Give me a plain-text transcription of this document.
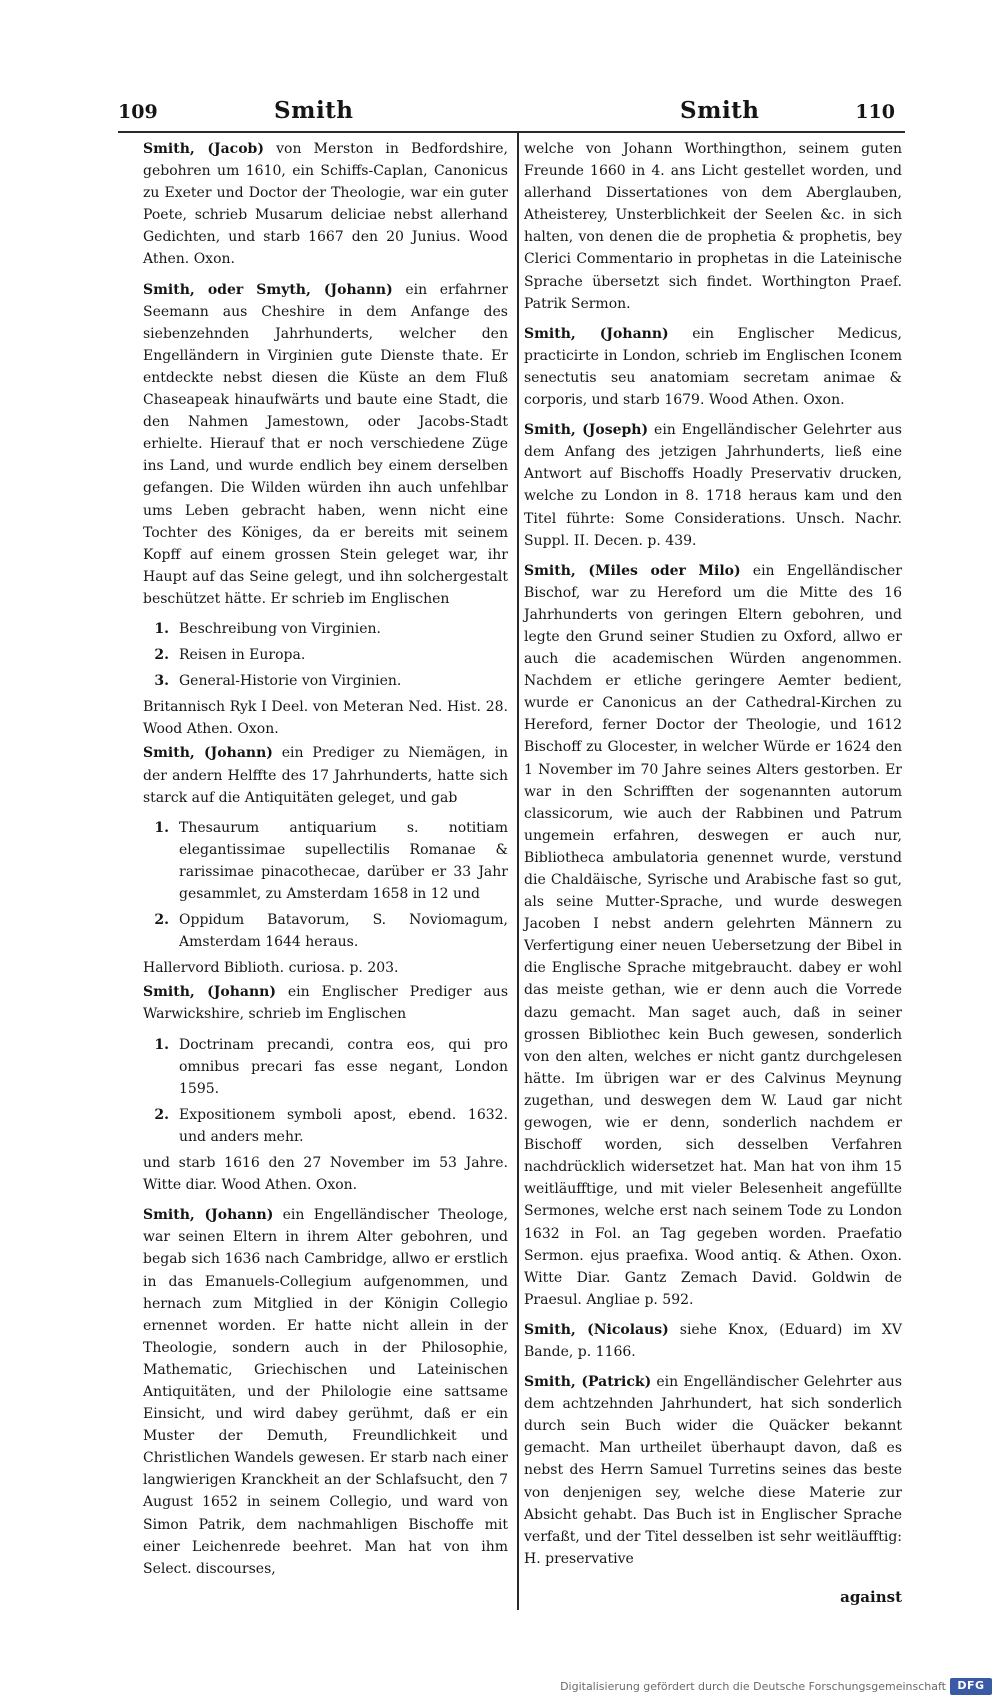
109	Smith	Smith	110

Smith, (Jacob) von Merston in Bedfordshire, gebohren um 1610, ein Schiffs-Caplan, Canonicus zu Exeter und Doctor der Theologie, war ein guter Poete, schrieb Musarum deliciae nebst allerhand Gedichten, und starb 1667 den 20 Junius. Wood Athen. Oxon.

Smith, oder Smyth, (Johann) ein erfahrner Seemann aus Cheshire in dem Anfange des siebenzehnden Jahrhunderts, welcher den Engelländern in Virginien gute Dienste thate. Er entdeckte nebst diesen die Küste an dem Fluß Chaseapeak hinaufwärts und baute eine Stadt, die den Nahmen Jamestown, oder Jacobs-Stadt erhielte. Hierauf that er noch verschiedene Züge ins Land, und wurde endlich bey einem derselben gefangen. Die Wilden würden ihn auch unfehlbar ums Leben gebracht haben, wenn nicht eine Tochter des Königes, da er bereits mit seinem Kopff auf einem grossen Stein geleget war, ihr Haupt auf das Seine gelegt, und ihn solchergestalt beschützet hätte. Er schrieb im Englischen

1. Beschreibung von Virginien.
2. Reisen in Europa.
3. General-Historie von Virginien.

Britannisch Ryk I Deel. von Meteran Ned. Hist. 28. Wood Athen. Oxon.

Smith, (Johann) ein Prediger zu Niemägen, in der andern Helffte des 17 Jahrhunderts, hatte sich starck auf die Antiquitäten geleget, und gab

1. Thesaurum antiquarium s. notitiam elegantissimae supellectilis Romanae & rarissimae pinacothecae, darüber er 33 Jahr gesammlet, zu Amsterdam 1658 in 12 und
2. Oppidum Batavorum, S. Noviomagum, Amsterdam 1644 heraus.

Hallervord Biblioth. curiosa. p. 203.

Smith, (Johann) ein Englischer Prediger aus Warwickshire, schrieb im Englischen

1. Doctrinam precandi, contra eos, qui pro omnibus precari fas esse negant, London 1595.
2. Expositionem symboli apost, ebend. 1632. und anders mehr.

und starb 1616 den 27 November im 53 Jahre. Witte diar. Wood Athen. Oxon.

Smith, (Johann) ein Engelländischer Theologe, war seinen Eltern in ihrem Alter gebohren, und begab sich 1636 nach Cambridge, allwo er erstlich in das Emanuels-Collegium aufgenommen, und hernach zum Mitglied in der Königin Collegio ernennet worden. Er hatte nicht allein in der Theologie, sondern auch in der Philosophie, Mathematic, Griechischen und Lateinischen Antiquitäten, und der Philologie eine sattsame Einsicht, und wird dabey gerühmt, daß er ein Muster der Demuth, Freundlichkeit und Christlichen Wandels gewesen. Er starb nach einer langwierigen Kranckheit an der Schlafsucht, den 7 August 1652 in seinem Collegio, und ward von Simon Patrik, dem nachmahligen Bischoffe mit einer Leichenrede beehret. Man hat von ihm Select. discourses,

welche von Johann Worthingthon, seinem guten Freunde 1660 in 4. ans Licht gestellet worden, und allerhand Dissertationes von dem Aberglauben, Atheisterey, Unsterblichkeit der Seelen &c. in sich halten, von denen die de prophetia & prophetis, bey Clerici Commentario in prophetas in die Lateinische Sprache übersetzt sich findet. Worthington Praef. Patrik Sermon.

Smith, (Johann) ein Englischer Medicus, practicirte in London, schrieb im Englischen Iconem senectutis seu anatomiam secretam animae & corporis, und starb 1679. Wood Athen. Oxon.

Smith, (Joseph) ein Engelländischer Gelehrter aus dem Anfang des jetzigen Jahrhunderts, ließ eine Antwort auf Bischoffs Hoadly Preservativ drucken, welche zu London in 8. 1718 heraus kam und den Titel führte: Some Considerations. Unsch. Nachr. Suppl. II. Decen. p. 439.

Smith, (Miles oder Milo) ein Engelländischer Bischof, war zu Hereford um die Mitte des 16 Jahrhunderts von geringen Eltern gebohren, und legte den Grund seiner Studien zu Oxford, allwo er auch die academischen Würden angenommen. Nachdem er etliche geringere Aemter bedient, wurde er Canonicus an der Cathedral-Kirchen zu Hereford, ferner Doctor der Theologie, und 1612 Bischoff zu Glocester, in welcher Würde er 1624 den 1 November im 70 Jahre seines Alters gestorben. Er war in den Schrifften der sogenannten autorum classicorum, wie auch der Rabbinen und Patrum ungemein erfahren, deswegen er auch nur, Bibliotheca ambulatoria genennet wurde, verstund die Chaldäische, Syrische und Arabische fast so gut, als seine Mutter-Sprache, und wurde deswegen Jacoben I nebst andern gelehrten Männern zu Verfertigung einer neuen Uebersetzung der Bibel in die Englische Sprache mitgebraucht. dabey er wohl das meiste gethan, wie er denn auch die Vorrede dazu gemacht. Man saget auch, daß in seiner grossen Bibliothec kein Buch gewesen, sonderlich von den alten, welches er nicht gantz durchgelesen hätte. Im übrigen war er des Calvinus Meynung zugethan, und deswegen dem W. Laud gar nicht gewogen, wie er denn, sonderlich nachdem er Bischoff worden, sich desselben Verfahren nachdrücklich widersetzet hat. Man hat von ihm 15 weitläufftige, und mit vieler Belesenheit angefüllte Sermones, welche erst nach seinem Tode zu London 1632 in Fol. an Tag gegeben worden. Praefatio Sermon. ejus praefixa. Wood antiq. & Athen. Oxon. Witte Diar. Gantz Zemach David. Goldwin de Praesul. Angliae p. 592.

Smith, (Nicolaus) siehe Knox, (Eduard) im XV Bande, p. 1166.

Smith, (Patrick) ein Engelländischer Gelehrter aus dem achtzehnden Jahrhundert, hat sich sonderlich durch sein Buch wider die Quäcker bekannt gemacht. Man urtheilet überhaupt davon, daß es nebst des Herrn Samuel Turretins seines das beste von denjenigen sey, welche diese Materie zur Absicht gehabt. Das Buch ist in Englischer Sprache verfaßt, und der Titel desselben ist sehr weitläufftig: H. preservative

against
Digitalisierung gefördert durch die Deutsche Forschungsgemeinschaft	DFG
